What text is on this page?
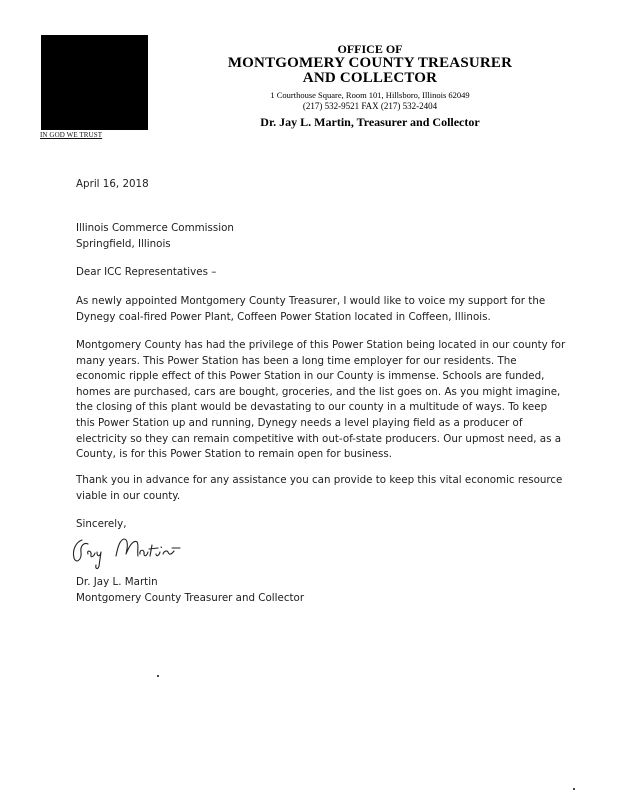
IN GOD WE TRUST
OFFICE OF
MONTGOMERY COUNTY TREASURER
AND COLLECTOR
1 Courthouse Square, Room 101, Hillsboro, Illinois 62049
(217) 532-9521 FAX (217) 532-2404
Dr. Jay L. Martin, Treasurer and Collector
April 16, 2018
Illinois Commerce Commission
Springfield, Illinois
Dear ICC Representatives –
As newly appointed Montgomery County Treasurer, I would like to voice my support for the
Dynegy coal-fired Power Plant, Coffeen Power Station located in Coffeen, Illinois.
Montgomery County has had the privilege of this Power Station being located in our county for
many years. This Power Station has been a long time employer for our residents. The
economic ripple effect of this Power Station in our County is immense. Schools are funded,
homes are purchased, cars are bought, groceries, and the list goes on. As you might imagine,
the closing of this plant would be devastating to our county in a multitude of ways. To keep
this Power Station up and running, Dynegy needs a level playing field as a producer of
electricity so they can remain competitive with out-of-state producers. Our upmost need, as a
County, is for this Power Station to remain open for business.
Thank you in advance for any assistance you can provide to keep this vital economic resource
viable in our county.
Sincerely,
Dr. Jay L. Martin
Montgomery County Treasurer and Collector
